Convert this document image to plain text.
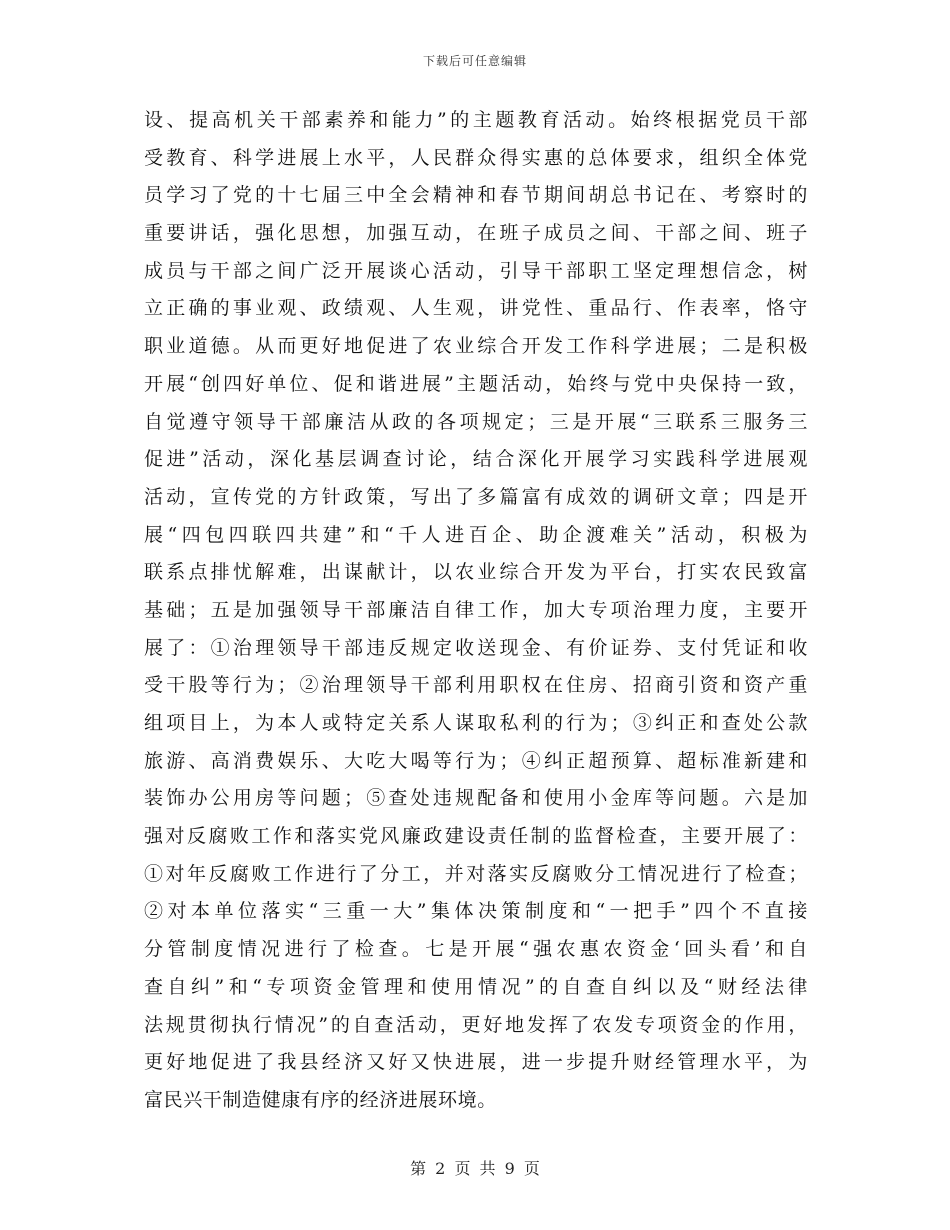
下载后可任意编辑
设、提高机关干部素养和能力”的主题教育活动。始终根据党员干部
受教育、科学进展上水平，人民群众得实惠的总体要求，组织全体党
员学习了党的十七届三中全会精神和春节期间胡总书记在、考察时的
重要讲话，强化思想，加强互动，在班子成员之间、干部之间、班子
成员与干部之间广泛开展谈心活动，引导干部职工坚定理想信念，树
立正确的事业观、政绩观、人生观，讲党性、重品行、作表率，恪守
职业道德。从而更好地促进了农业综合开发工作科学进展；二是积极
开展“创四好单位、促和谐进展”主题活动，始终与党中央保持一致，
自觉遵守领导干部廉洁从政的各项规定；三是开展“三联系三服务三
促进”活动，深化基层调查讨论，结合深化开展学习实践科学进展观
活动，宣传党的方针政策，写出了多篇富有成效的调研文章；四是开
展“四包四联四共建”和“千人进百企、助企渡难关”活动，积极为
联系点排忧解难，出谋献计，以农业综合开发为平台，打实农民致富
基础；五是加强领导干部廉洁自律工作，加大专项治理力度，主要开
展了：①治理领导干部违反规定收送现金、有价证券、支付凭证和收
受干股等行为；②治理领导干部利用职权在住房、招商引资和资产重
组项目上，为本人或特定关系人谋取私利的行为；③纠正和查处公款
旅游、高消费娱乐、大吃大喝等行为；④纠正超预算、超标准新建和
装饰办公用房等问题；⑤查处违规配备和使用小金库等问题。六是加
强对反腐败工作和落实党风廉政建设责任制的监督检查，主要开展了：
①对年反腐败工作进行了分工，并对落实反腐败分工情况进行了检查；
②对本单位落实“三重一大”集体决策制度和“一把手”四个不直接
分管制度情况进行了检查。七是开展“强农惠农资金‘回头看’和自
查自纠”和“专项资金管理和使用情况”的自查自纠以及“财经法律
法规贯彻执行情况”的自查活动，更好地发挥了农发专项资金的作用，
更好地促进了我县经济又好又快进展，进一步提升财经管理水平，为
富民兴干制造健康有序的经济进展环境。
第 2 页 共 9 页
